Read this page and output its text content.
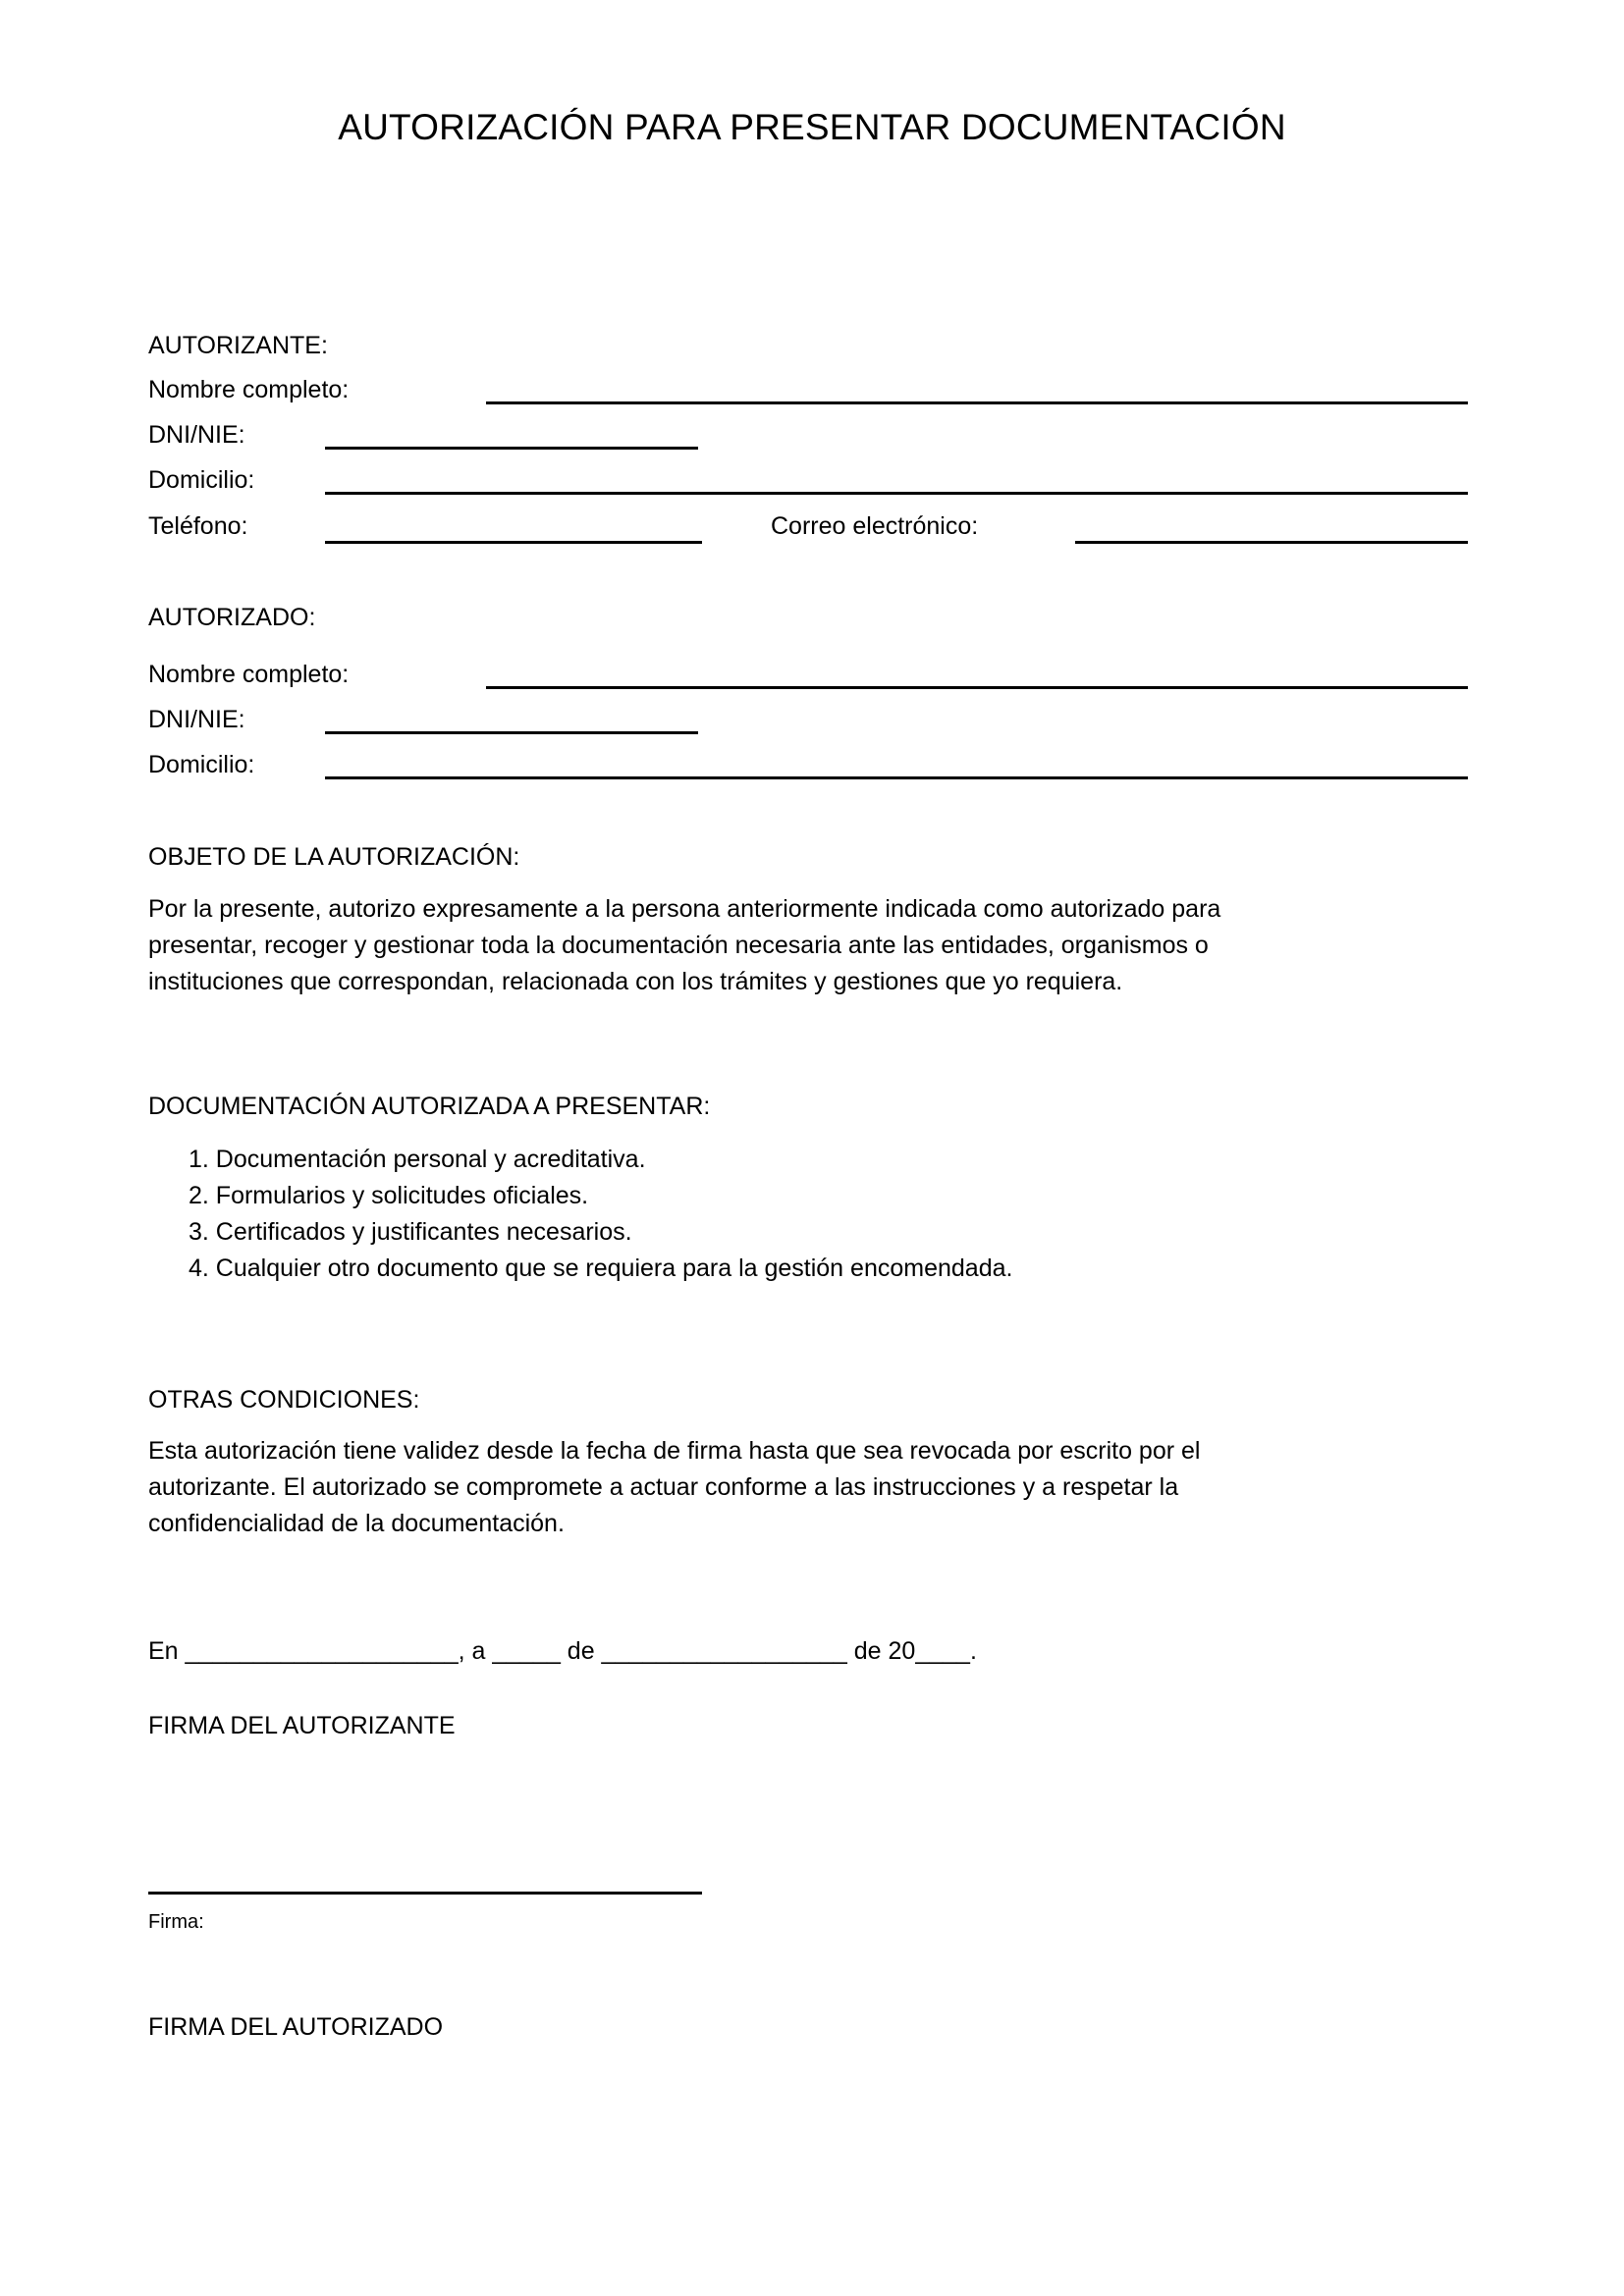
AUTORIZACIÓN PARA PRESENTAR DOCUMENTACIÓN
AUTORIZANTE:
Nombre completo:
DNI/NIE:
Domicilio:
Teléfono:	Correo electrónico:
AUTORIZADO:
Nombre completo:
DNI/NIE:
Domicilio:
OBJETO DE LA AUTORIZACIÓN:
Por la presente, autorizo expresamente a la persona anteriormente indicada como autorizado para
presentar, recoger y gestionar toda la documentación necesaria ante las entidades, organismos o
instituciones que correspondan, relacionada con los trámites y gestiones que yo requiera.
DOCUMENTACIÓN AUTORIZADA A PRESENTAR:
1. Documentación personal y acreditativa.
2. Formularios y solicitudes oficiales.
3. Certificados y justificantes necesarios.
4. Cualquier otro documento que se requiera para la gestión encomendada.
OTRAS CONDICIONES:
Esta autorización tiene validez desde la fecha de firma hasta que sea revocada por escrito por el
autorizante. El autorizado se compromete a actuar conforme a las instrucciones y a respetar la
confidencialidad de la documentación.
En ____________________, a _____ de __________________ de 20____.
FIRMA DEL AUTORIZANTE
Firma:
FIRMA DEL AUTORIZADO
